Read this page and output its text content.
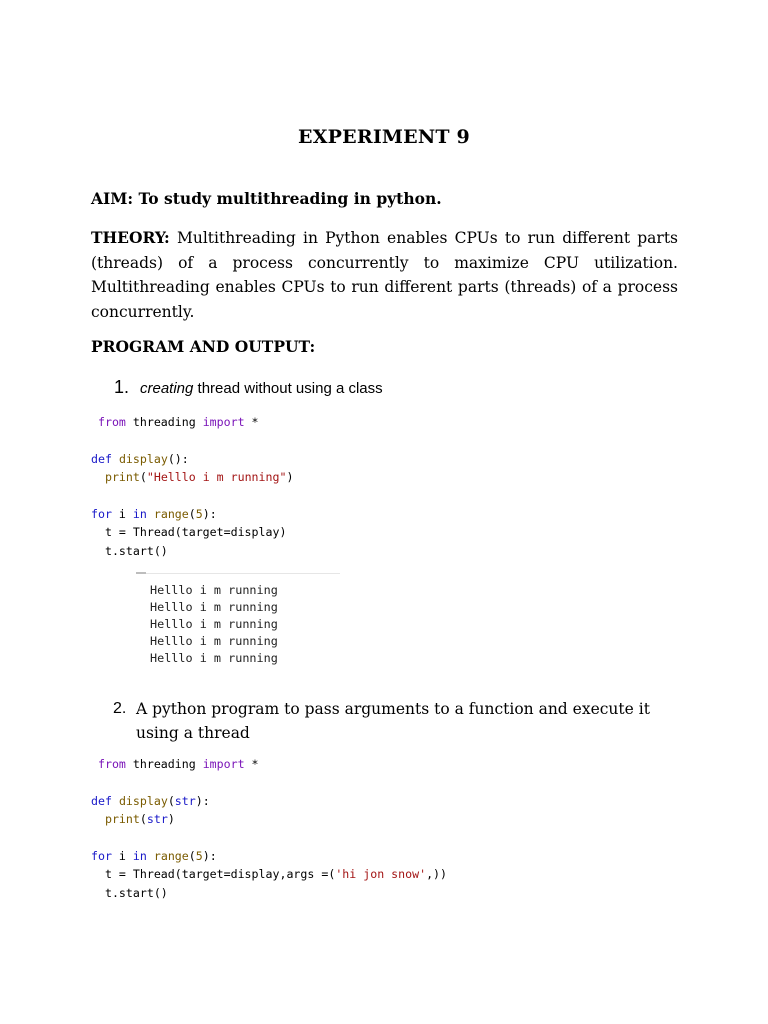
EXPERIMENT 9
AIM: To study multithreading in python.
THEORY: Multithreading in Python enables CPUs to run different parts (threads) of a process concurrently to maximize CPU utilization. Multithreading enables CPUs to run different parts (threads) of a process concurrently.
PROGRAM AND OUTPUT:
1. creating thread without using a class
from threading import *
def display():
print("Helllo i m running")
for i in range(5):
t = Thread(target=display)
t.start()
Helllo i m running
Helllo i m running
Helllo i m running
Helllo i m running
Helllo i m running
2. A python program to pass arguments to a function and execute it using a thread
from threading import *
def display(str):
print(str)
for i in range(5):
t = Thread(target=display,args =('hi jon snow',))
t.start()
